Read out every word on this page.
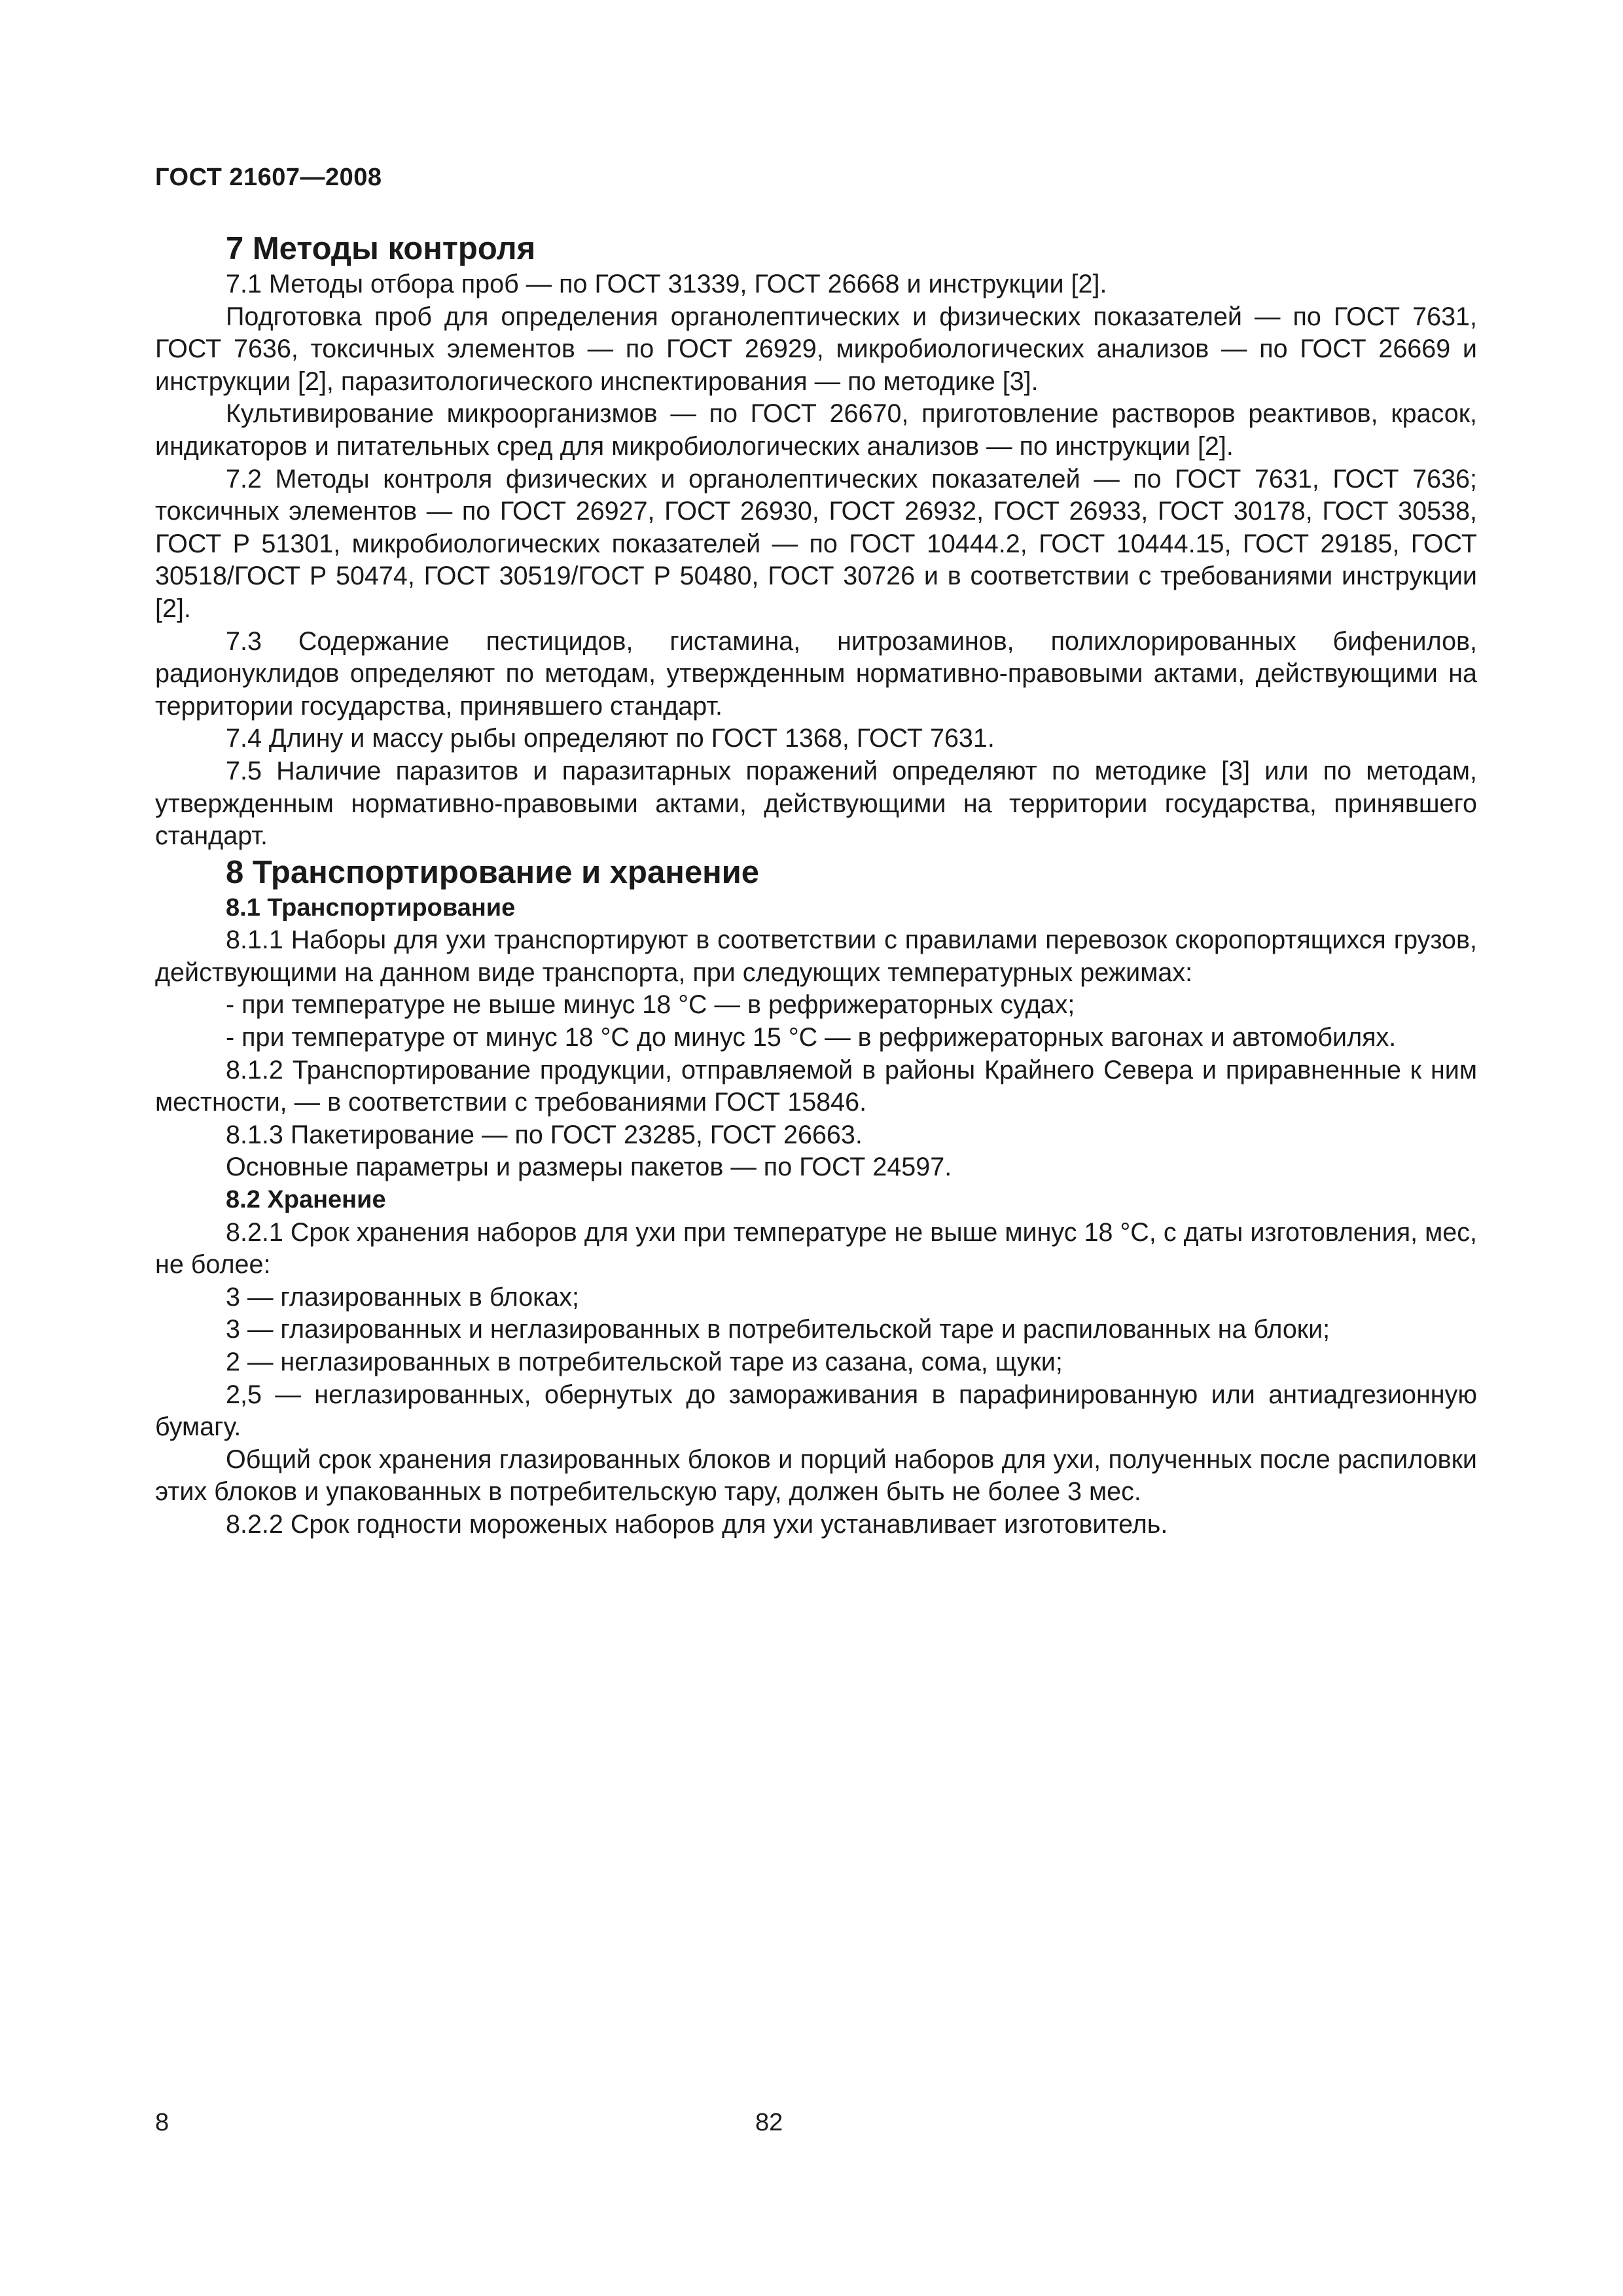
ГОСТ 21607—2008
7 Методы контроля

7.1 Методы отбора проб — по ГОСТ 31339, ГОСТ 26668 и инструкции [2].

Подготовка проб для определения органолептических и физических показателей — по ГОСТ 7631, ГОСТ 7636, токсичных элементов — по ГОСТ 26929, микробиологических анализов — по ГОСТ 26669 и инструкции [2], паразитологического инспектирования — по методике [3].

Культивирование микроорганизмов — по ГОСТ 26670, приготовление растворов реактивов, красок, индикаторов и питательных сред для микробиологических анализов — по инструкции [2].

7.2 Методы контроля физических и органолептических показателей — по ГОСТ 7631, ГОСТ 7636; токсичных элементов — по ГОСТ 26927, ГОСТ 26930, ГОСТ 26932, ГОСТ 26933, ГОСТ 30178, ГОСТ 30538, ГОСТ Р 51301, микробиологических показателей — по ГОСТ 10444.2, ГОСТ 10444.15, ГОСТ 29185, ГОСТ 30518/ГОСТ Р 50474, ГОСТ 30519/ГОСТ Р 50480, ГОСТ 30726 и в соответствии с требованиями инструкции [2].

7.3 Содержание пестицидов, гистамина, нитрозаминов, полихлорированных бифенилов, радионуклидов определяют по методам, утвержденным нормативно-правовыми актами, действующими на территории государства, принявшего стандарт.

7.4 Длину и массу рыбы определяют по ГОСТ 1368, ГОСТ 7631.

7.5 Наличие паразитов и паразитарных поражений определяют по методике [3] или по методам, утвержденным нормативно-правовыми актами, действующими на территории государства, принявшего стандарт.

8 Транспортирование и хранение
8.1 Транспортирование

8.1.1 Наборы для ухи транспортируют в соответствии с правилами перевозок скоропортящихся грузов, действующими на данном виде транспорта, при следующих температурных режимах:

- при температуре не выше минус 18 °С — в рефрижераторных судах;

- при температуре от минус 18 °С до минус 15 °С — в рефрижераторных вагонах и автомобилях.

8.1.2 Транспортирование продукции, отправляемой в районы Крайнего Севера и приравненные к ним местности, — в соответствии с требованиями ГОСТ 15846.

8.1.3 Пакетирование — по ГОСТ 23285, ГОСТ 26663.

Основные параметры и размеры пакетов — по ГОСТ 24597.

8.2 Хранение

8.2.1 Срок хранения наборов для ухи при температуре не выше минус 18 °С, с даты изготовления, мес, не более:

3 — глазированных в блоках;

3 — глазированных и неглазированных в потребительской таре и распилованных на блоки;

2 — неглазированных в потребительской таре из сазана, сома, щуки;

2,5 — неглазированных, обернутых до замораживания в парафинированную или антиадгезионную бумагу.

Общий срок хранения глазированных блоков и порций наборов для ухи, полученных после распиловки этих блоков и упакованных в потребительскую тару, должен быть не более 3 мес.

8.2.2 Срок годности мороженых наборов для ухи устанавливает изготовитель.

8	82
